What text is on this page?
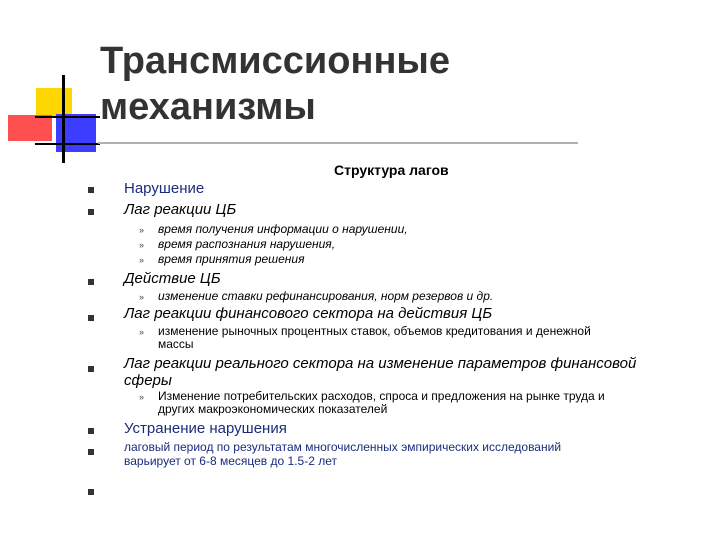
Трансмиссионные
механизмы
Структура лагов
Нарушение
Лаг реакции ЦБ
» время получения информации о нарушении,
» время распознания нарушения,
» время принятия решения
Действие ЦБ
» изменение ставки рефинансирования, норм резервов и др.
Лаг реакции финансового сектора на действия ЦБ
» изменение рыночных процентных ставок, объемов кредитования и денежной
массы
Лаг реакции реального сектора на изменение параметров финансовой
сферы
» Изменение потребительских расходов, спроса и предложения на рынке труда и
других макроэкономических показателей
Устранение нарушения
лаговый период по результатам многочисленных эмпирических исследований
варьирует от 6-8 месяцев до 1.5-2 лет
